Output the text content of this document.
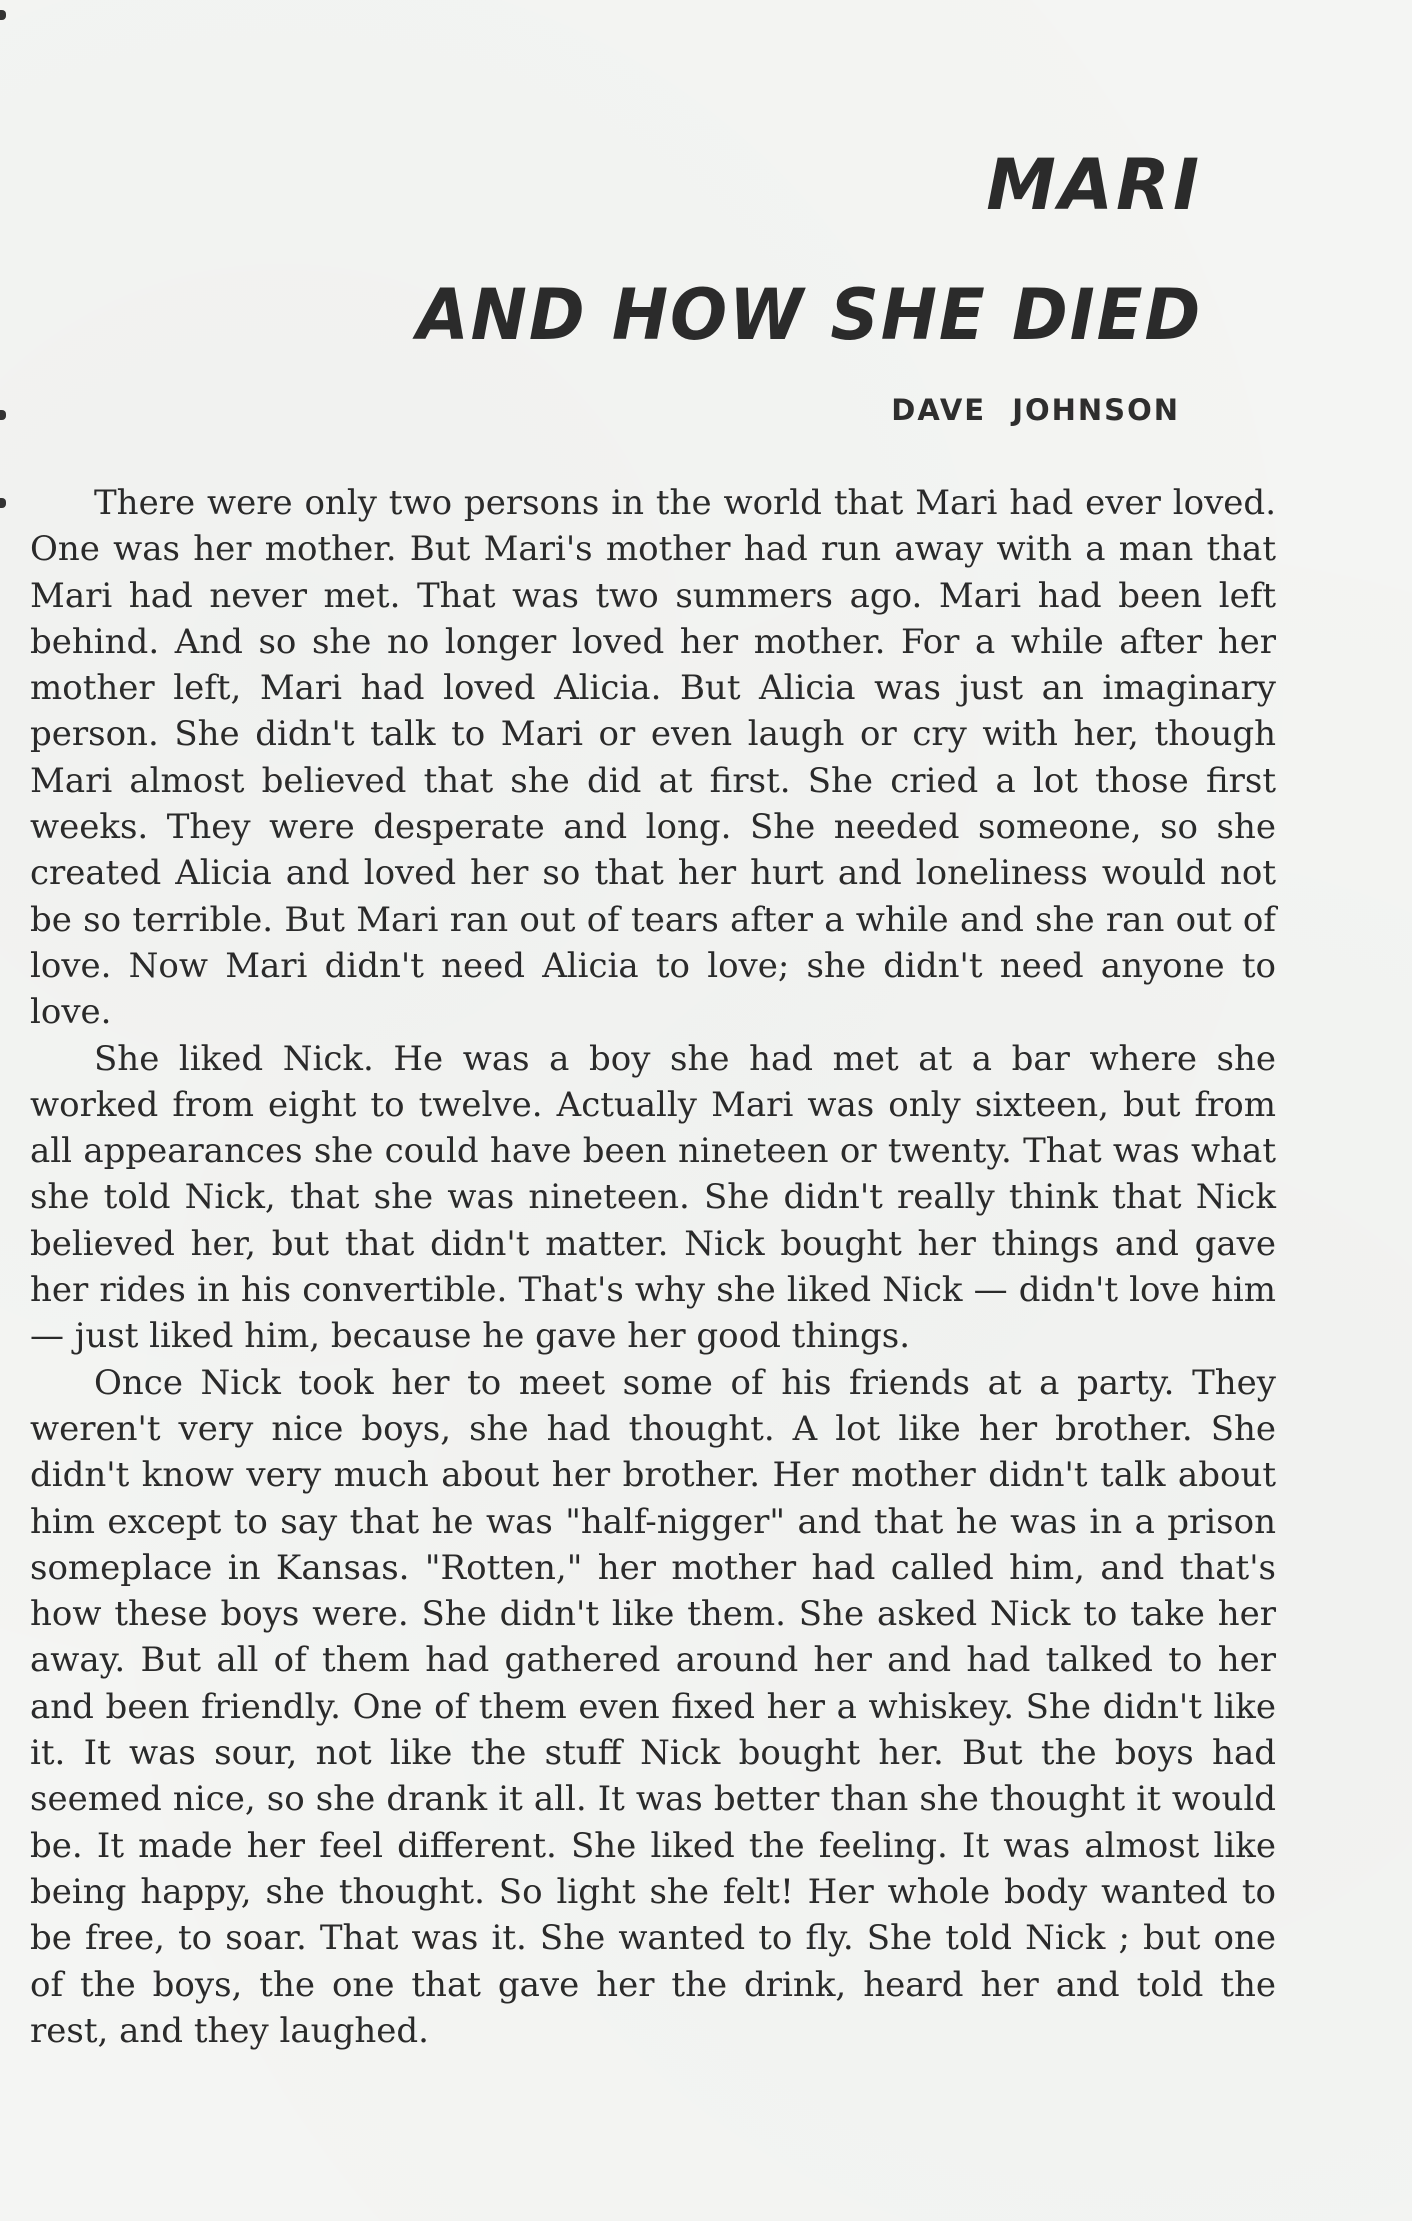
MARI
AND HOW SHE DIED
DAVE JOHNSON

There were only two persons in the world that Mari had ever loved. One was her mother. But Mari's mother had run away with a man that Mari had never met. That was two summers ago. Mari had been left behind. And so she no longer loved her mother. For a while after her mother left, Mari had loved Alicia. But Alicia was just an imaginary person. She didn't talk to Mari or even laugh or cry with her, though Mari almost believed that she did at first. She cried a lot those first weeks. They were desperate and long. She needed someone, so she created Alicia and loved her so that her hurt and loneliness would not be so terrible. But Mari ran out of tears after a while and she ran out of love. Now Mari didn't need Alicia to love; she didn't need anyone to love.

She liked Nick. He was a boy she had met at a bar where she worked from eight to twelve. Actually Mari was only sixteen, but from all appearances she could have been nineteen or twenty. That was what she told Nick, that she was nineteen. She didn't really think that Nick believed her, but that didn't matter. Nick bought her things and gave her rides in his convertible. That's why she liked Nick — didn't love him — just liked him, because he gave her good things.

Once Nick took her to meet some of his friends at a party. They weren't very nice boys, she had thought. A lot like her brother. She didn't know very much about her brother. Her mother didn't talk about him except to say that he was "half-nigger" and that he was in a prison someplace in Kansas. "Rotten," her mother had called him, and that's how these boys were. She didn't like them. She asked Nick to take her away. But all of them had gathered around her and had talked to her and been friendly. One of them even fixed her a whiskey. She didn't like it. It was sour, not like the stuff Nick bought her. But the boys had seemed nice, so she drank it all. It was better than she thought it would be. It made her feel different. She liked the feeling. It was almost like being happy, she thought. So light she felt! Her whole body wanted to be free, to soar. That was it. She wanted to fly. She told Nick ; but one of the boys, the one that gave her the drink, heard her and told the rest, and they laughed.
